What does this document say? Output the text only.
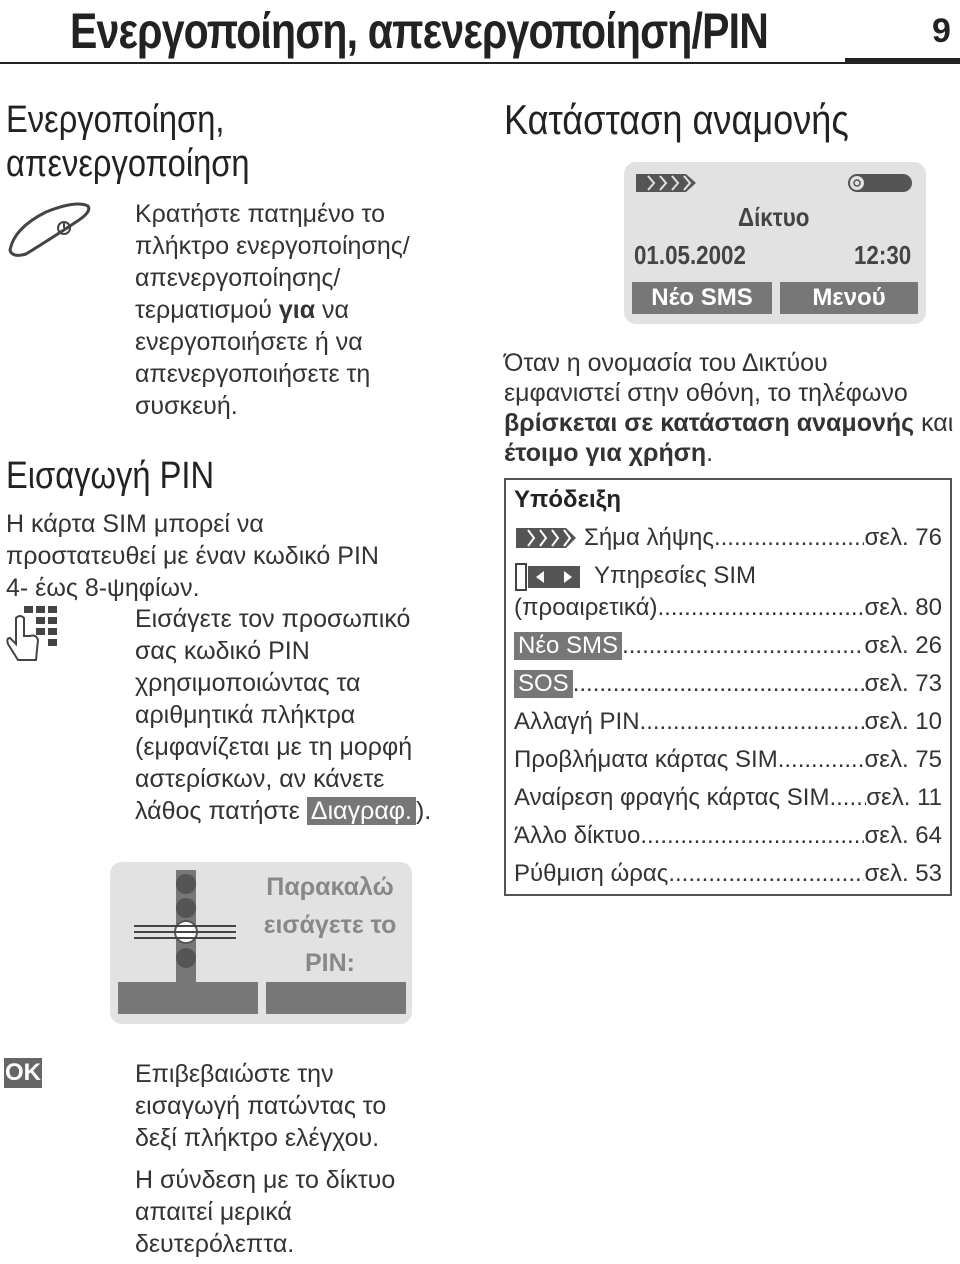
Ενεργοποίηση, απενεργοποίηση/PIN	9
Ενεργοποίηση,
απενεργοποίηση
Κρατήστε πατημένο το
πλήκτρο ενεργοποίησης/
απενεργοποίησης/
τερματισμού για να
ενεργοποιήσετε ή να
απενεργοποιήσετε τη
συσκευή.
Εισαγωγή PIN
Η κάρτα SIM μπορεί να
προστατευθεί με έναν κωδικό PIN
4- έως 8-ψηφίων.
Εισάγετε τον προσωπικό
σας κωδικό PIN
χρησιμοποιώντας τα
αριθμητικά πλήκτρα
(εμφανίζεται με τη μορφή
αστερίσκων, αν κάνετε
λάθος πατήστε Διαγραφ. ).
Παρακαλώ
εισάγετε το
PIN:
OK	Επιβεβαιώστε την
εισαγωγή πατώντας το
δεξί πλήκτρο ελέγχου.
Η σύνδεση με το δίκτυο
απαιτεί μερικά
δευτερόλεπτα.
Κατάσταση αναμονής
Δίκτυο
01.05.2002	12:30
Νέο SMS	Μενού
Όταν η ονομασία του Δικτύου
εμφανιστεί στην οθόνη, το τηλέφωνο
βρίσκεται σε κατάσταση αναμονής και
έτοιμο για χρήση.
Υπόδειξη
Σήμα λήψης .....	σελ. 76
Υπηρεσίες SIM
(προαιρετικά) .....	σελ. 80
Νέο SMS .....	σελ. 26
SOS .....	σελ. 73
Αλλαγή PIN .....	σελ. 10
Προβλήματα κάρτας SIM .....	σελ. 75
Αναίρεση φραγής κάρτας SIM ..... σελ. 11
Άλλο δίκτυο .....	σελ. 64
Ρύθμιση ώρας .....	σελ. 53
